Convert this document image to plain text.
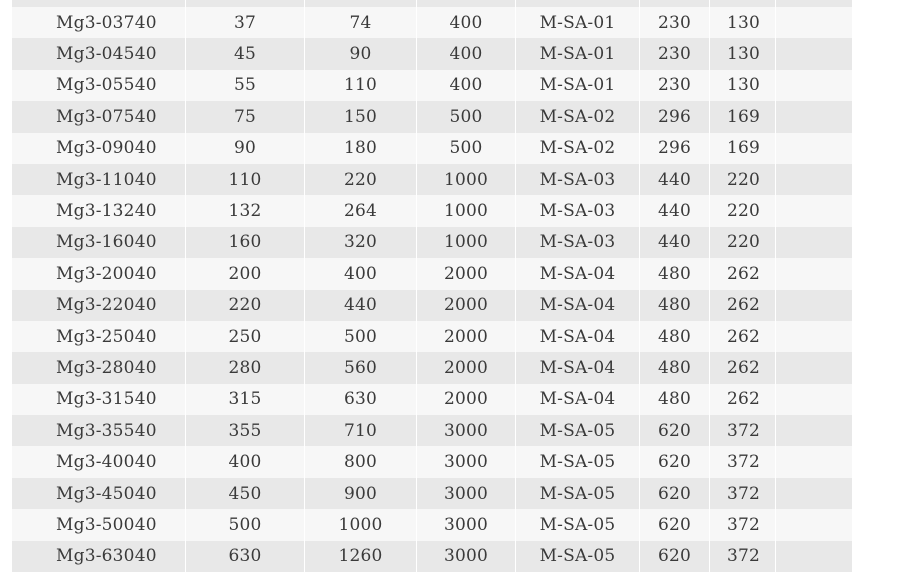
Mg3-03740	37	74	400	M-SA-01	230	130
Mg3-04540	45	90	400	M-SA-01	230	130
Mg3-05540	55	110	400	M-SA-01	230	130
Mg3-07540	75	150	500	M-SA-02	296	169
Mg3-09040	90	180	500	M-SA-02	296	169
Mg3-11040	110	220	1000	M-SA-03	440	220
Mg3-13240	132	264	1000	M-SA-03	440	220
Mg3-16040	160	320	1000	M-SA-03	440	220
Mg3-20040	200	400	2000	M-SA-04	480	262
Mg3-22040	220	440	2000	M-SA-04	480	262
Mg3-25040	250	500	2000	M-SA-04	480	262
Mg3-28040	280	560	2000	M-SA-04	480	262
Mg3-31540	315	630	2000	M-SA-04	480	262
Mg3-35540	355	710	3000	M-SA-05	620	372
Mg3-40040	400	800	3000	M-SA-05	620	372
Mg3-45040	450	900	3000	M-SA-05	620	372
Mg3-50040	500	1000	3000	M-SA-05	620	372
Mg3-63040	630	1260	3000	M-SA-05	620	372
